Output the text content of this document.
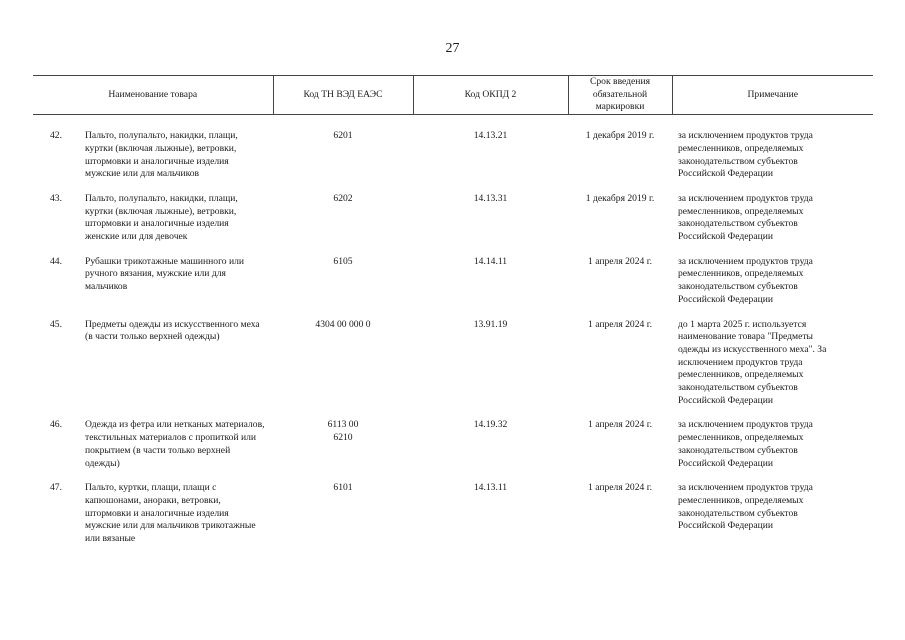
27
Наименование товара	Код ТН ВЭД ЕАЭС	Код ОКПД 2	Срок введения обязательной маркировки	Примечание

42. Пальто, полупальто, накидки, плащи, куртки (включая лыжные), ветровки, штормовки и аналогичные изделия мужские или для мальчиков	6201	14.13.21	1 декабря 2019 г.	за исключением продуктов труда ремесленников, определяемых законодательством субъектов Российской Федерации

43. Пальто, полупальто, накидки, плащи, куртки (включая лыжные), ветровки, штормовки и аналогичные изделия женские или для девочек	6202	14.13.31	1 декабря 2019 г.	за исключением продуктов труда ремесленников, определяемых законодательством субъектов Российской Федерации

44. Рубашки трикотажные машинного или ручного вязания, мужские или для мальчиков	6105	14.14.11	1 апреля 2024 г.	за исключением продуктов труда ремесленников, определяемых законодательством субъектов Российской Федерации

45. Предметы одежды из искусственного меха (в части только верхней одежды)	4304 00 000 0	13.91.19	1 апреля 2024 г.	до 1 марта 2025 г. используется наименование товара "Предметы одежды из искусственного меха". За исключением продуктов труда ремесленников, определяемых законодательством субъектов Российской Федерации

46. Одежда из фетра или нетканых материалов, текстильных материалов с пропиткой или покрытием (в части только верхней одежды)	6113 00
6210	14.19.32	1 апреля 2024 г.	за исключением продуктов труда ремесленников, определяемых законодательством субъектов Российской Федерации

47. Пальто, куртки, плащи, плащи с капюшонами, анораки, ветровки, штормовки и аналогичные изделия мужские или для мальчиков трикотажные или вязаные	6101	14.13.11	1 апреля 2024 г.	за исключением продуктов труда ремесленников, определяемых законодательством субъектов Российской Федерации
